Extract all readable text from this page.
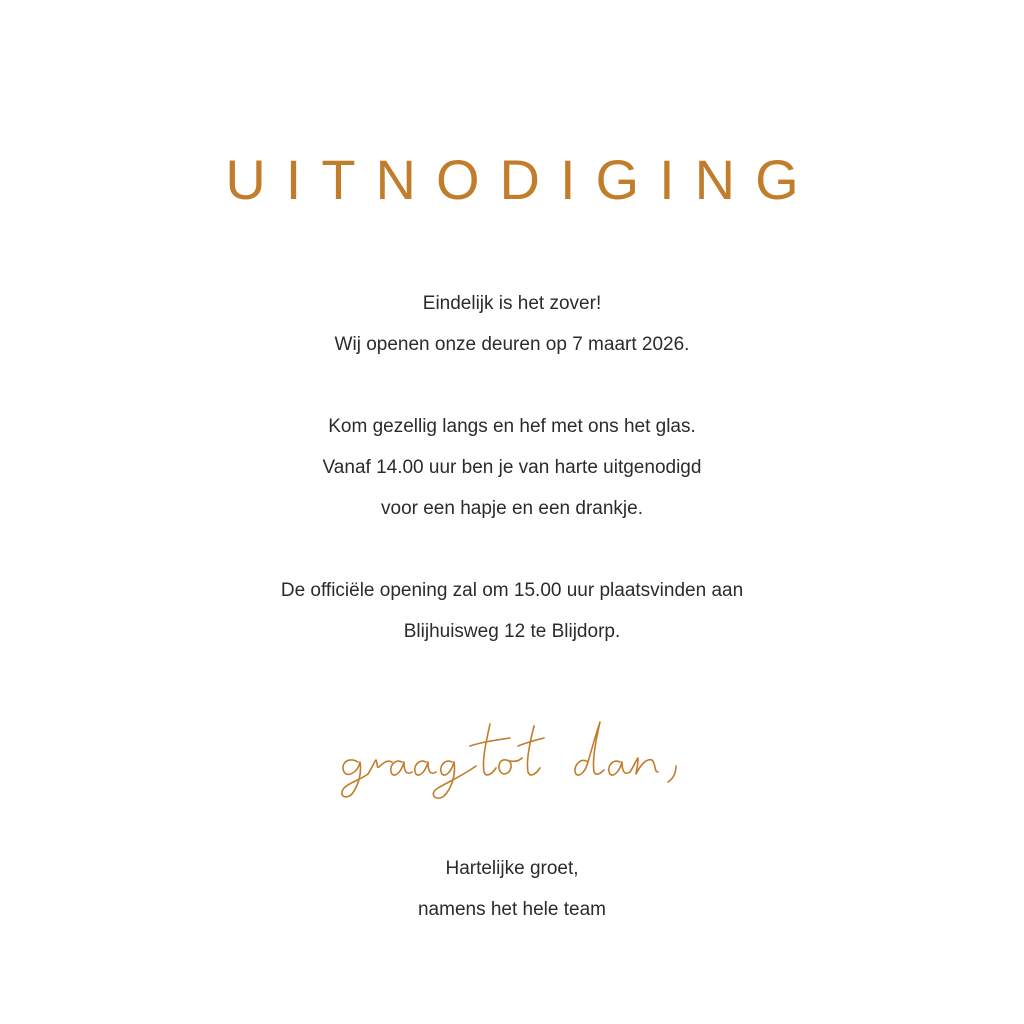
UITNODIGING
Eindelijk is het zover!
Wij openen onze deuren op 7 maart 2026.
Kom gezellig langs en hef met ons het glas.
Vanaf 14.00 uur ben je van harte uitgenodigd
voor een hapje en een drankje.
De officiële opening zal om 15.00 uur plaatsvinden aan
Blijhuisweg 12 te Blijdorp.
Hartelijke groet,
namens het hele team
